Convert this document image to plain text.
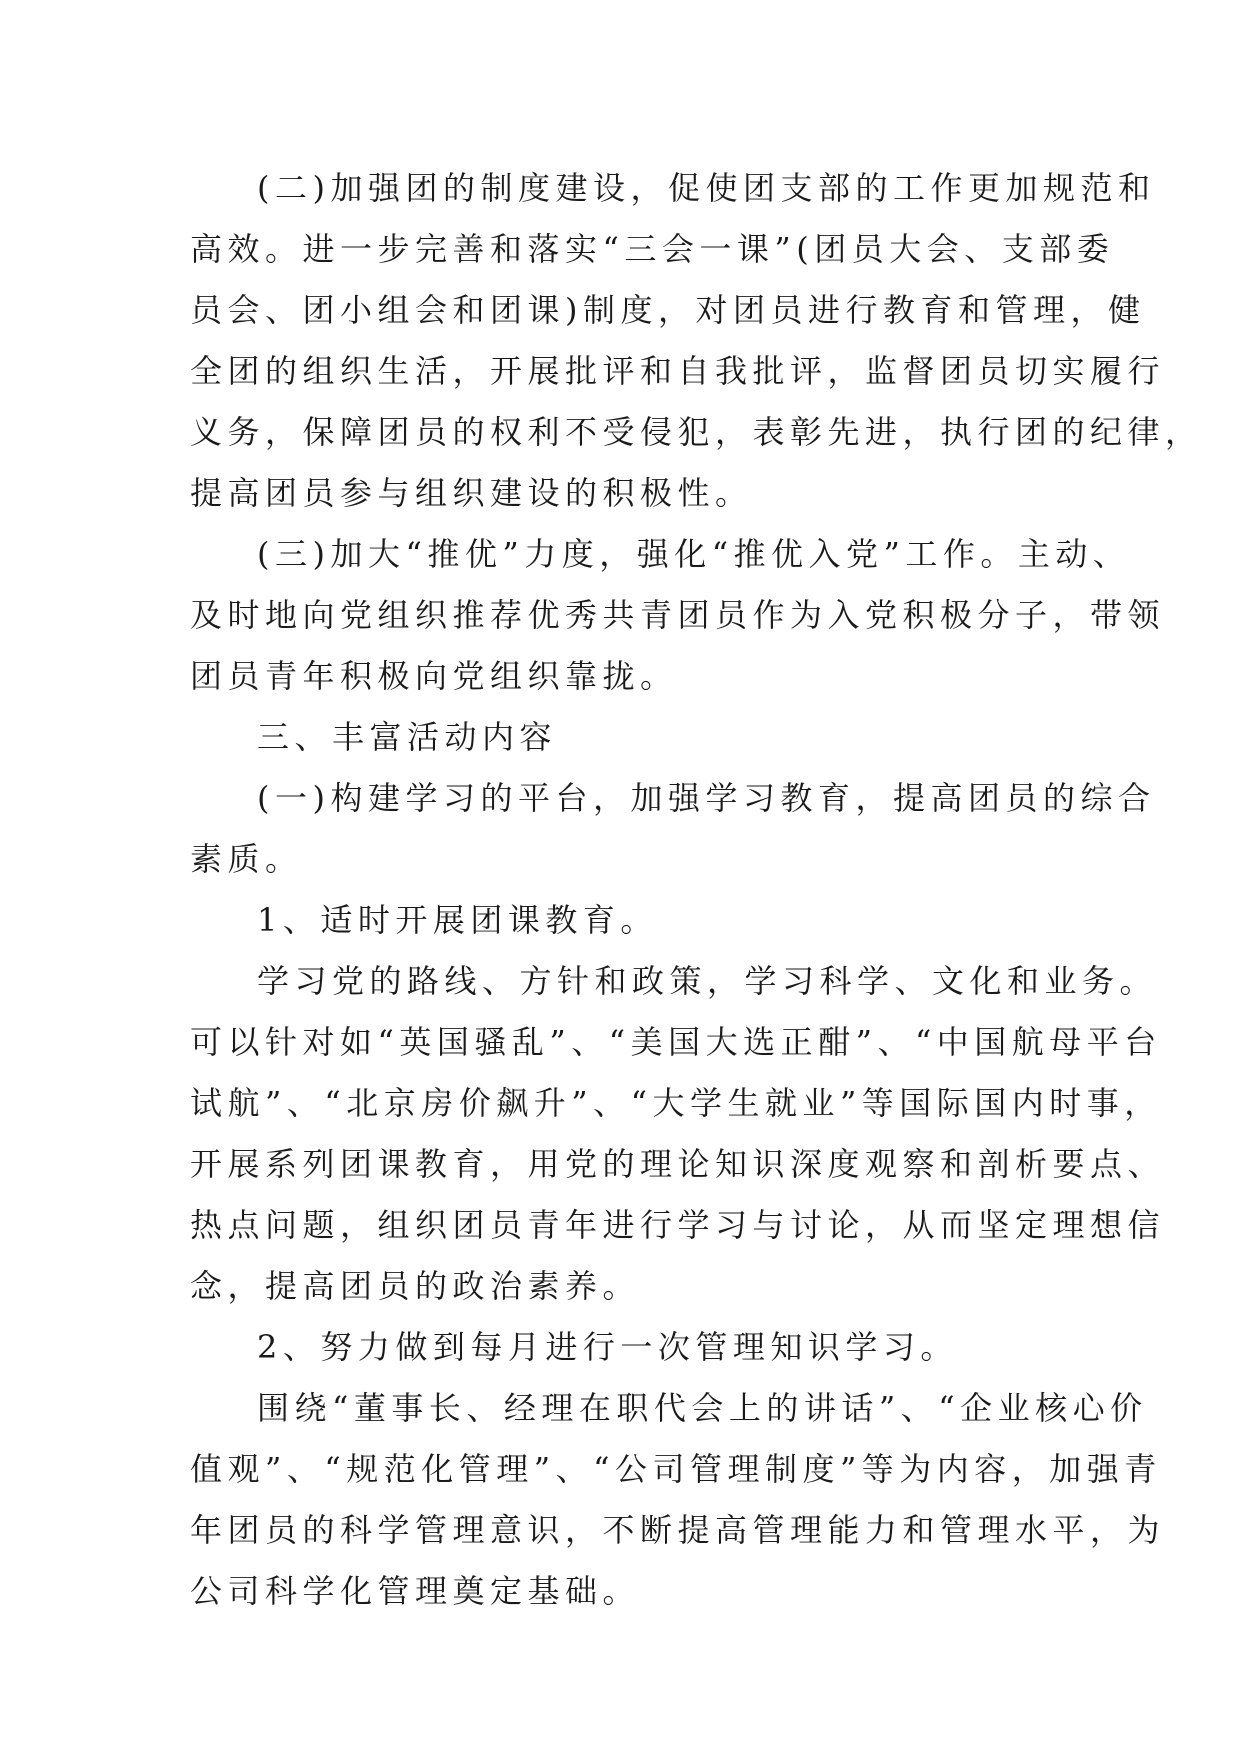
(二)加强团的制度建设，促使团支部的工作更加规范和
高效。进一步完善和落实“三会一课”(团员大会、支部委
员会、团小组会和团课)制度，对团员进行教育和管理，健
全团的组织生活，开展批评和自我批评，监督团员切实履行
义务，保障团员的权利不受侵犯，表彰先进，执行团的纪律，
提高团员参与组织建设的积极性。
(三)加大“推优”力度，强化“推优入党”工作。主动、
及时地向党组织推荐优秀共青团员作为入党积极分子，带领
团员青年积极向党组织靠拢。
三、丰富活动内容
(一)构建学习的平台，加强学习教育，提高团员的综合
素质。
1、适时开展团课教育。
学习党的路线、方针和政策，学习科学、文化和业务。
可以针对如“英国骚乱”、“美国大选正酣”、“中国航母平台
试航”、“北京房价飙升”、“大学生就业”等国际国内时事，
开展系列团课教育，用党的理论知识深度观察和剖析要点、
热点问题，组织团员青年进行学习与讨论，从而坚定理想信
念，提高团员的政治素养。
2、努力做到每月进行一次管理知识学习。
围绕“董事长、经理在职代会上的讲话”、“企业核心价
值观”、“规范化管理”、“公司管理制度”等为内容，加强青
年团员的科学管理意识，不断提高管理能力和管理水平，为
公司科学化管理奠定基础。
